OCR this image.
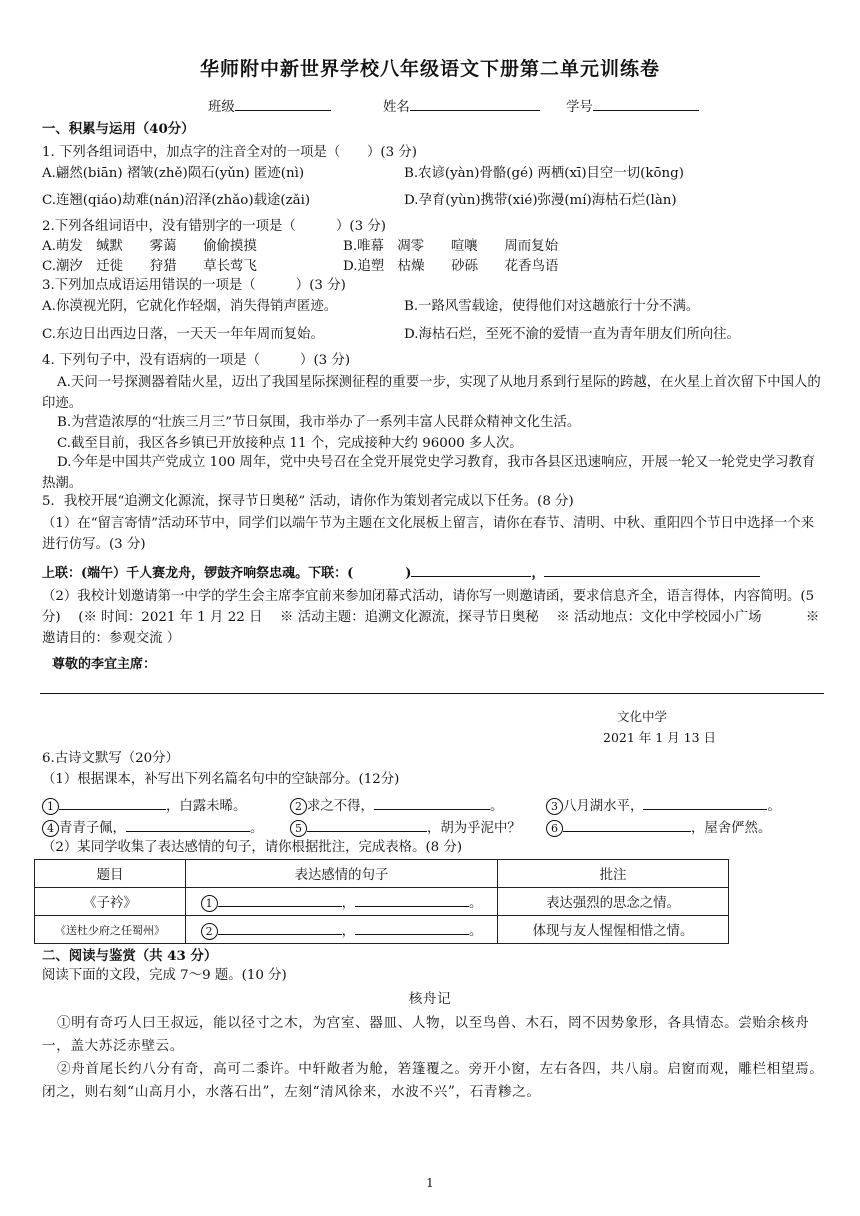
华师附中新世界学校八年级语文下册第二单元训练卷
班级	姓名	学号
一、积累与运用（40分）
1. 下列各组词语中，加点字的注音全对的一项是（　　）(3 分)
A.翩然(biān) 褶皱(zhě)陨石(yǔn) 匿迹(nì)	B.农谚(yàn)骨骼(gé) 两栖(xī)目空一切(kōng)
C.连翘(qiáo)劫难(nán)沼泽(zhǎo)载途(zǎi)	D.孕育(yùn)携带(xié)弥漫(mí)海枯石烂(làn)
2.下列各组词语中，没有错别字的一项是（　　　）(3 分)
A.萌发　缄默　　雾蔼　　偷偷摸摸	B.唯幕　凋零　　喧嚷　　周而复始
C.潮汐　迁徙　　狩猎　　草长莺飞	D.追塑　枯燥　　砂砾　　花香鸟语
3.下列加点成语运用错误的一项是（　　　）(3 分)
A.你漠视光阴，它就化作轻烟，消失得销声匿迹。	B.一路风雪载途，使得他们对这趟旅行十分不满。
C.东边日出西边日落，一天天一年年周而复始。	D.海枯石烂，至死不渝的爱情一直为青年朋友们所向往。
4. 下列句子中，没有语病的一项是（　　　）(3 分)
A.天问一号探测器着陆火星，迈出了我国星际探测征程的重要一步，实现了从地月系到行星际的跨越，在火星上首次留下中国人的印迹。
B.为营造浓厚的“壮族三月三”节日氛围，我市举办了一系列丰富人民群众精神文化生活。
C.截至目前，我区各乡镇已开放接种点 11 个，完成接种大约 96000 多人次。
D.今年是中国共产党成立 100 周年，党中央号召在全党开展党史学习教育，我市各县区迅速响应，开展一轮又一轮党史学习教育热潮。
5．我校开展“追溯文化源流，探寻节日奥秘” 活动，请你作为策划者完成以下任务。(8 分)
（1）在“留言寄情”活动环节中，同学们以端午节为主题在文化展板上留言，请你在春节、清明、中秋、重阳四个节日中选择一个来进行仿写。(3 分)
上联：(端午）千人赛龙舟，锣鼓齐响祭忠魂。下联：(　　　　)	，
（2）我校计划邀请第一中学的学生会主席李宜前来参加闭幕式活动，请你写一则邀请函，要求信息齐全，语言得体，内容简明。(5 分)　 (※ 时间：2021 年 1 月 22 日　 ※ 活动主题：追溯文化源流，探寻节日奥秘　 ※ 活动地点：文化中学校园小广场　　　 ※ 邀请目的：参观交流 ）
尊敬的李宜主席：
文化中学
2021 年 1 月 13 日
6.古诗文默写（20分）
（1）根据课本，补写出下列名篇名句中的空缺部分。(12分)
1	，白露未晞。	2 求之不得，	。	3 八月湖水平，	。
4 青青子佩，	。	5	，胡为乎泥中？	6	，屋舍俨然。
（2）某同学收集了表达感情的句子，请你根据批注，完成表格。(8 分)
题目	表达感情的句子	批注
《子衿》	1 ， 。	表达强烈的思念之情。
《送杜少府之任蜀州》	2 ， 。	体现与友人惺惺相惜之情。
二、阅读与鉴赏（共 43 分）
阅读下面的文段，完成 7～9 题。(10 分)
核舟记
①明有奇巧人曰王叔远，能以径寸之木，为宫室、器皿、人物，以至鸟兽、木石，罔不因势象形，各具情态。尝贻余核舟一，盖大苏泛赤壁云。
②舟首尾长约八分有奇，高可二黍许。中轩敞者为舱，箬篷覆之。旁开小窗，左右各四，共八扇。启窗而观，雕栏相望焉。闭之，则右刻“山高月小，水落石出”，左刻“清风徐来，水波不兴”，石青糁之。
1
